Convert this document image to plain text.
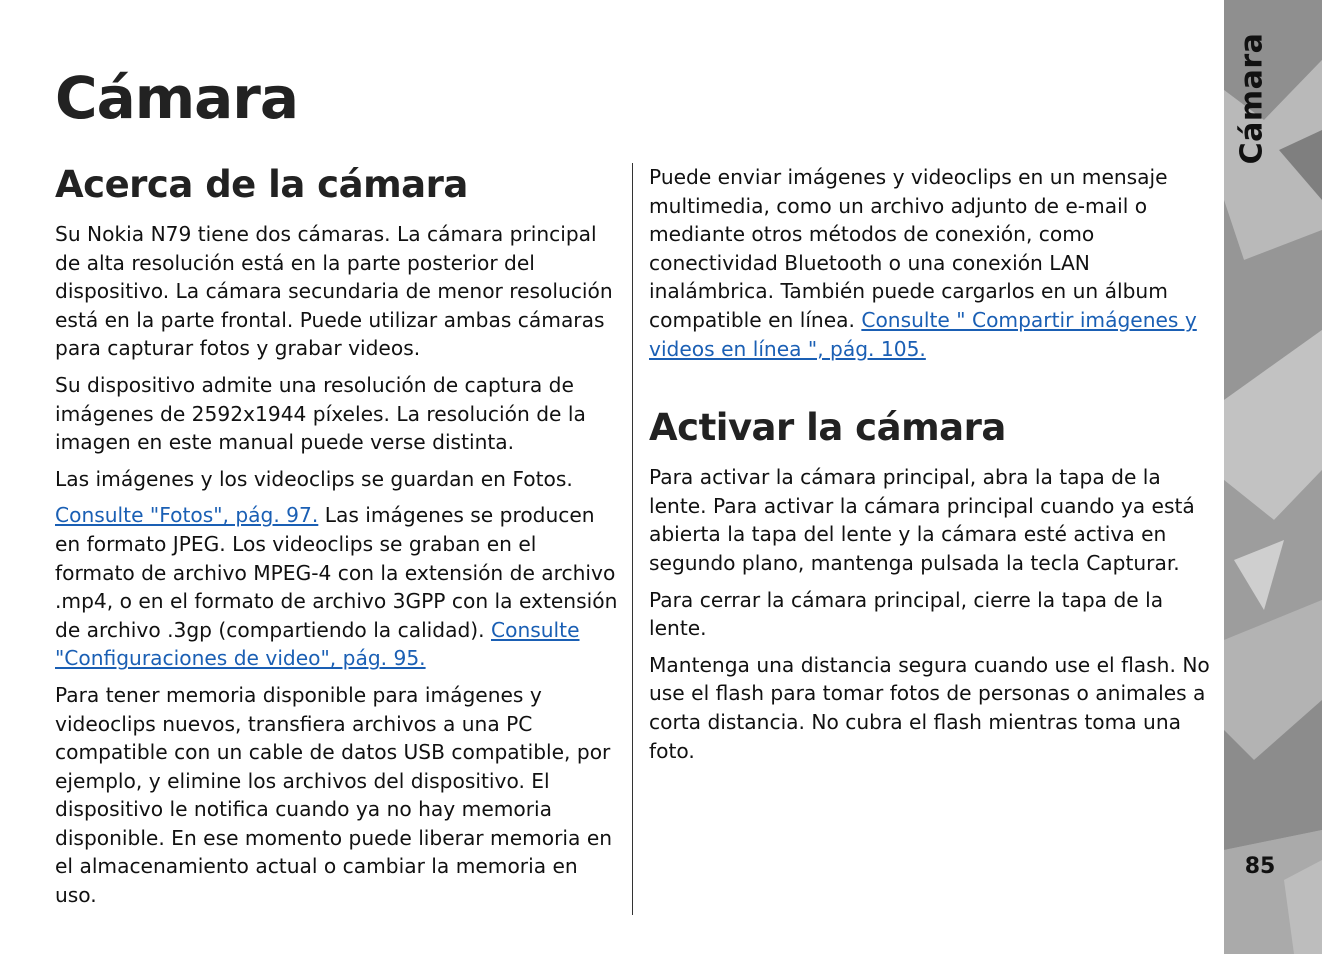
Cámara
Acerca de la cámara

Su Nokia N79 tiene dos cámaras. La cámara principal de alta resolución está en la parte posterior del dispositivo. La cámara secundaria de menor resolución está en la parte frontal. Puede utilizar ambas cámaras para capturar fotos y grabar videos.

Su dispositivo admite una resolución de captura de imágenes de 2592x1944 píxeles. La resolución de la imagen en este manual puede verse distinta.

Las imágenes y los videoclips se guardan en Fotos.

Consulte "Fotos", pág. 97. Las imágenes se producen en formato JPEG. Los videoclips se graban en el formato de archivo MPEG-4 con la extensión de archivo .mp4, o en el formato de archivo 3GPP con la extensión de archivo .3gp (compartiendo la calidad). Consulte "Configuraciones de video", pág. 95.

Para tener memoria disponible para imágenes y videoclips nuevos, transfiera archivos a una PC compatible con un cable de datos USB compatible, por ejemplo, y elimine los archivos del dispositivo. El dispositivo le notifica cuando ya no hay memoria disponible. En ese momento puede liberar memoria en el almacenamiento actual o cambiar la memoria en uso.

Puede enviar imágenes y videoclips en un mensaje multimedia, como un archivo adjunto de e-mail o mediante otros métodos de conexión, como conectividad Bluetooth o una conexión LAN inalámbrica. También puede cargarlos en un álbum compatible en línea. Consulte " Compartir imágenes y videos en línea ", pág. 105.

Activar la cámara

Para activar la cámara principal, abra la tapa de la lente. Para activar la cámara principal cuando ya está abierta la tapa del lente y la cámara esté activa en segundo plano, mantenga pulsada la tecla Capturar.

Para cerrar la cámara principal, cierre la tapa de la lente.

Mantenga una distancia segura cuando use el flash. No use el flash para tomar fotos de personas o animales a corta distancia. No cubra el flash mientras toma una foto.

Cámara
85
